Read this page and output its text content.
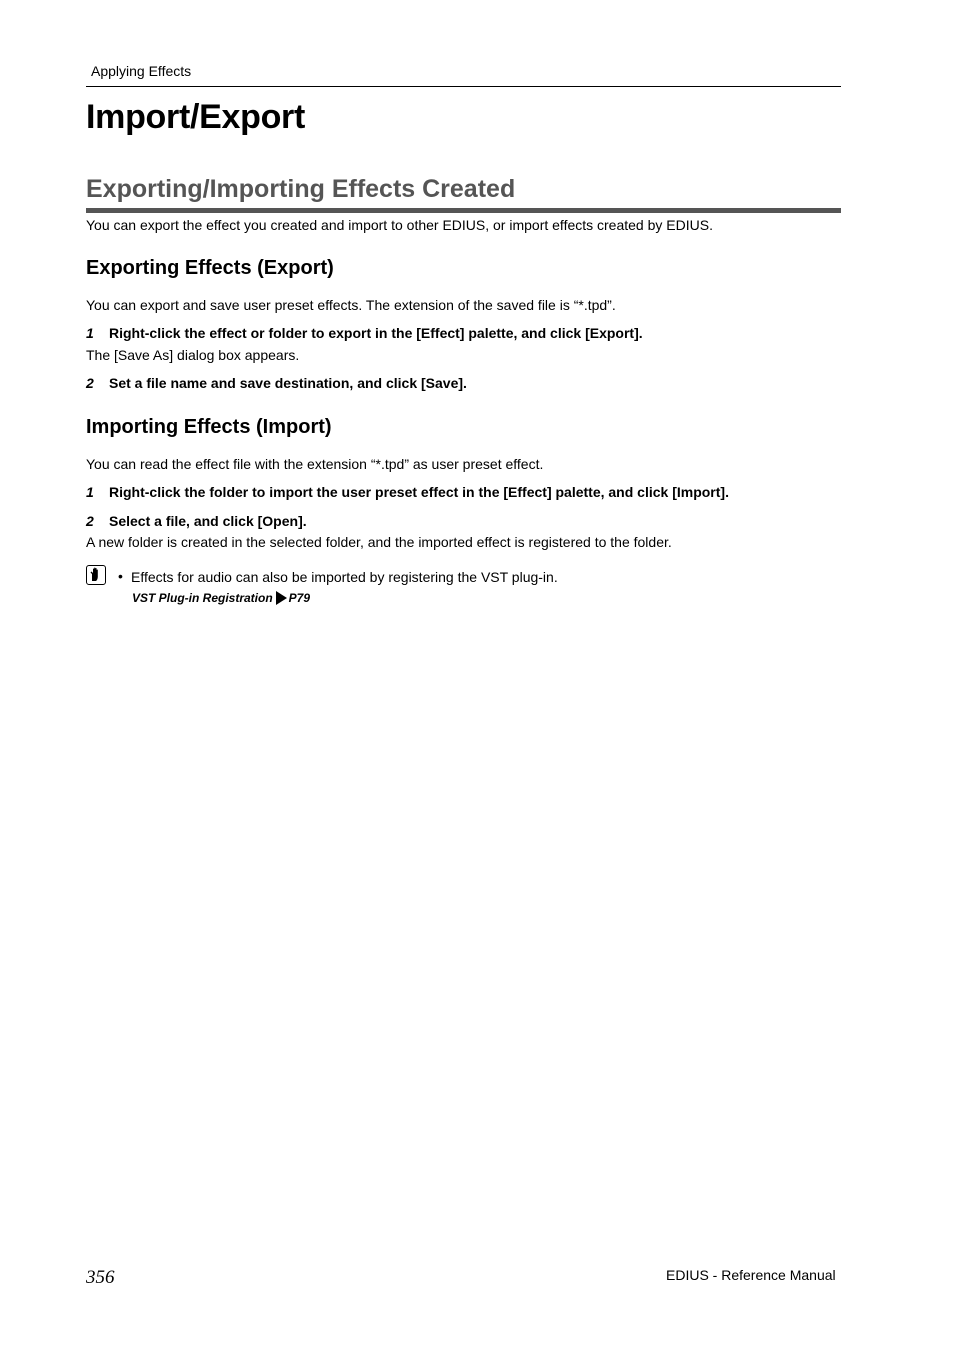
Applying Effects
Import/Export
Exporting/Importing Effects Created
You can export the effect you created and import to other EDIUS, or import effects created by EDIUS.
Exporting Effects (Export)
You can export and save user preset effects. The extension of the saved file is “*.tpd”.
1 Right-click the effect or folder to export in the [Effect] palette, and click [Export].
The [Save As] dialog box appears.
2 Set a file name and save destination, and click [Save].
Importing Effects (Import)
You can read the effect file with the extension “*.tpd” as user preset effect.
1 Right-click the folder to import the user preset effect in the [Effect] palette, and click [Import].
2 Select a file, and click [Open].
A new folder is created in the selected folder, and the imported effect is registered to the folder.
• Effects for audio can also be imported by registering the VST plug-in.
VST Plug-in Registration P79
356	EDIUS - Reference Manual
